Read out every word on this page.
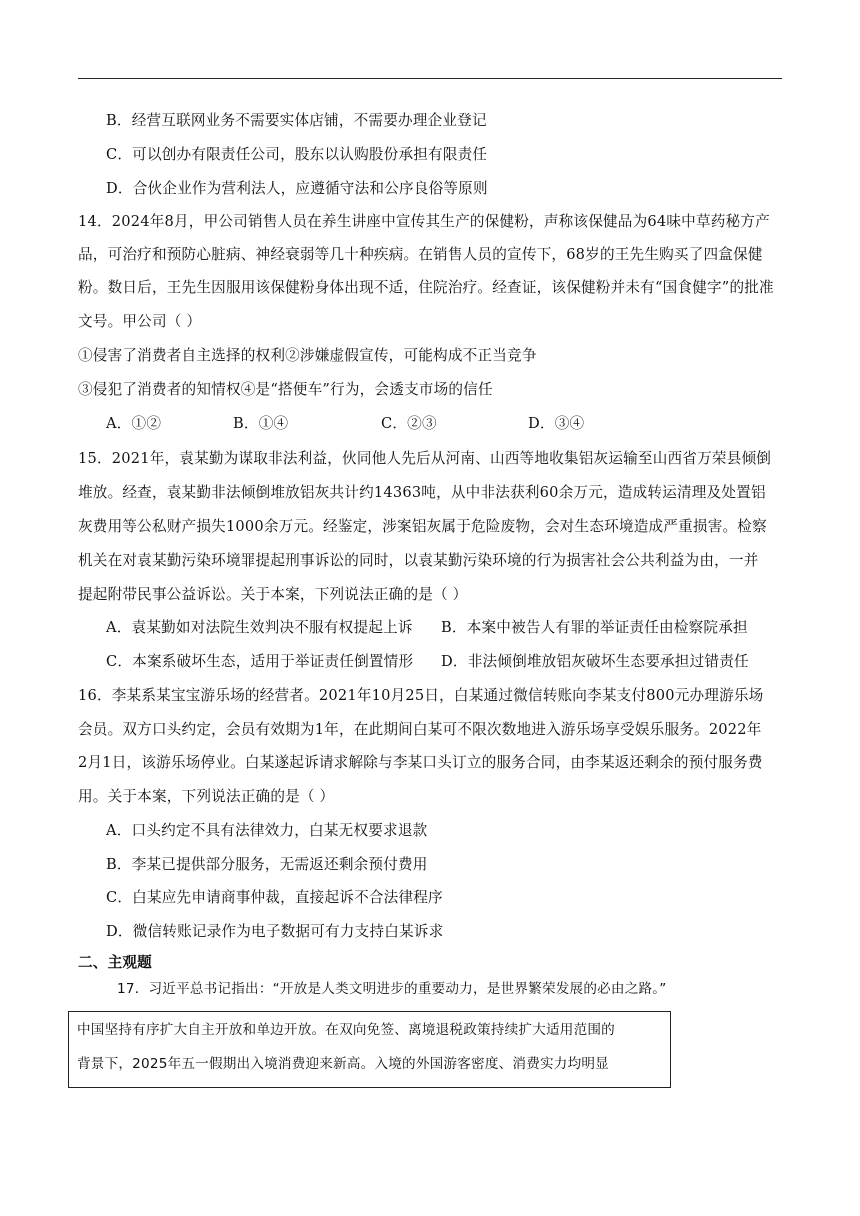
B．经营互联网业务不需要实体店铺，不需要办理企业登记
C．可以创办有限责任公司，股东以认购股份承担有限责任
D．合伙企业作为营利法人，应遵循守法和公序良俗等原则
14．2024年8月，甲公司销售人员在养生讲座中宣传其生产的保健粉，声称该保健品为64味中草药秘方产
品，可治疗和预防心脏病、神经衰弱等几十种疾病。在销售人员的宣传下，68岁的王先生购买了四盒保健
粉。数日后，王先生因服用该保健粉身体出现不适，住院治疗。经查证，该保健粉并未有“国食健字”的批准
文号。甲公司（ ）
①侵害了消费者自主选择的权利②涉嫌虚假宣传，可能构成不正当竞争
③侵犯了消费者的知情权④是“搭便车”行为，会透支市场的信任
A．①②	B．①④	C．②③	D．③④
15．2021年，袁某勤为谋取非法利益，伙同他人先后从河南、山西等地收集铝灰运输至山西省万荣县倾倒
堆放。经查，袁某勤非法倾倒堆放铝灰共计约14363吨，从中非法获利60余万元，造成转运清理及处置铝
灰费用等公私财产损失1000余万元。经鉴定，涉案铝灰属于危险废物，会对生态环境造成严重损害。检察
机关在对袁某勤污染环境罪提起刑事诉讼的同时，以袁某勤污染环境的行为损害社会公共利益为由，一并
提起附带民事公益诉讼。关于本案，下列说法正确的是（ ）
A．袁某勤如对法院生效判决不服有权提起上诉 B．本案中被告人有罪的举证责任由检察院承担
C．本案系破坏生态，适用于举证责任倒置情形 D．非法倾倒堆放铝灰破坏生态要承担过错责任
16．李某系某宝宝游乐场的经营者。2021年10月25日，白某通过微信转账向李某支付800元办理游乐场
会员。双方口头约定，会员有效期为1年，在此期间白某可不限次数地进入游乐场享受娱乐服务。2022年
2月1日，该游乐场停业。白某遂起诉请求解除与李某口头订立的服务合同，由李某返还剩余的预付服务费
用。关于本案，下列说法正确的是（ ）
A．口头约定不具有法律效力，白某无权要求退款
B．李某已提供部分服务，无需返还剩余预付费用
C．白某应先申请商事仲裁，直接起诉不合法律程序
D．微信转账记录作为电子数据可有力支持白某诉求
二、主观题
17．习近平总书记指出：“开放是人类文明进步的重要动力，是世界繁荣发展的必由之路。”
中国坚持有序扩大自主开放和单边开放。在双向免签、离境退税政策持续扩大适用范围的
背景下，2025年五一假期出入境消费迎来新高。入境的外国游客密度、消费实力均明显
